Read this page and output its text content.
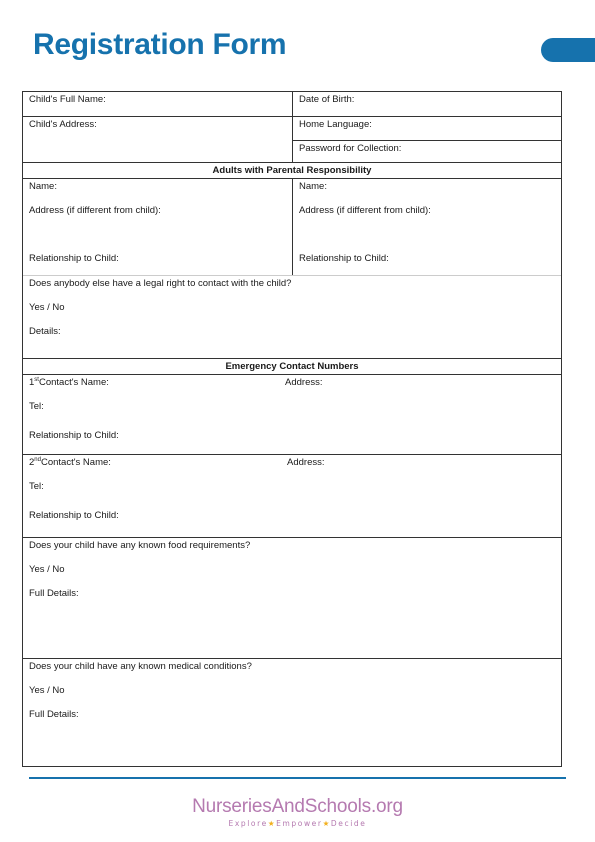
Registration Form
Child's Full Name:	Date of Birth:
Child's Address:	Home Language:
Password for Collection:
Adults with Parental Responsibility
Name:
Address (if different from child):
Relationship to Child:
Name:
Address (if different from child):
Relationship to Child:
Does anybody else have a legal right to contact with the child?
Yes / No
Details:
Emergency Contact Numbers
1stContact's Name:	Address:
Tel:
Relationship to Child:
2ndContact's Name:	Address:
Tel:
Relationship to Child:
Does your child have any known food requirements?
Yes / No
Full Details:
Does your child have any known medical conditions?
Yes / No
Full Details:
NurseriesAndSchools.org
Explore★Empower★Decide
